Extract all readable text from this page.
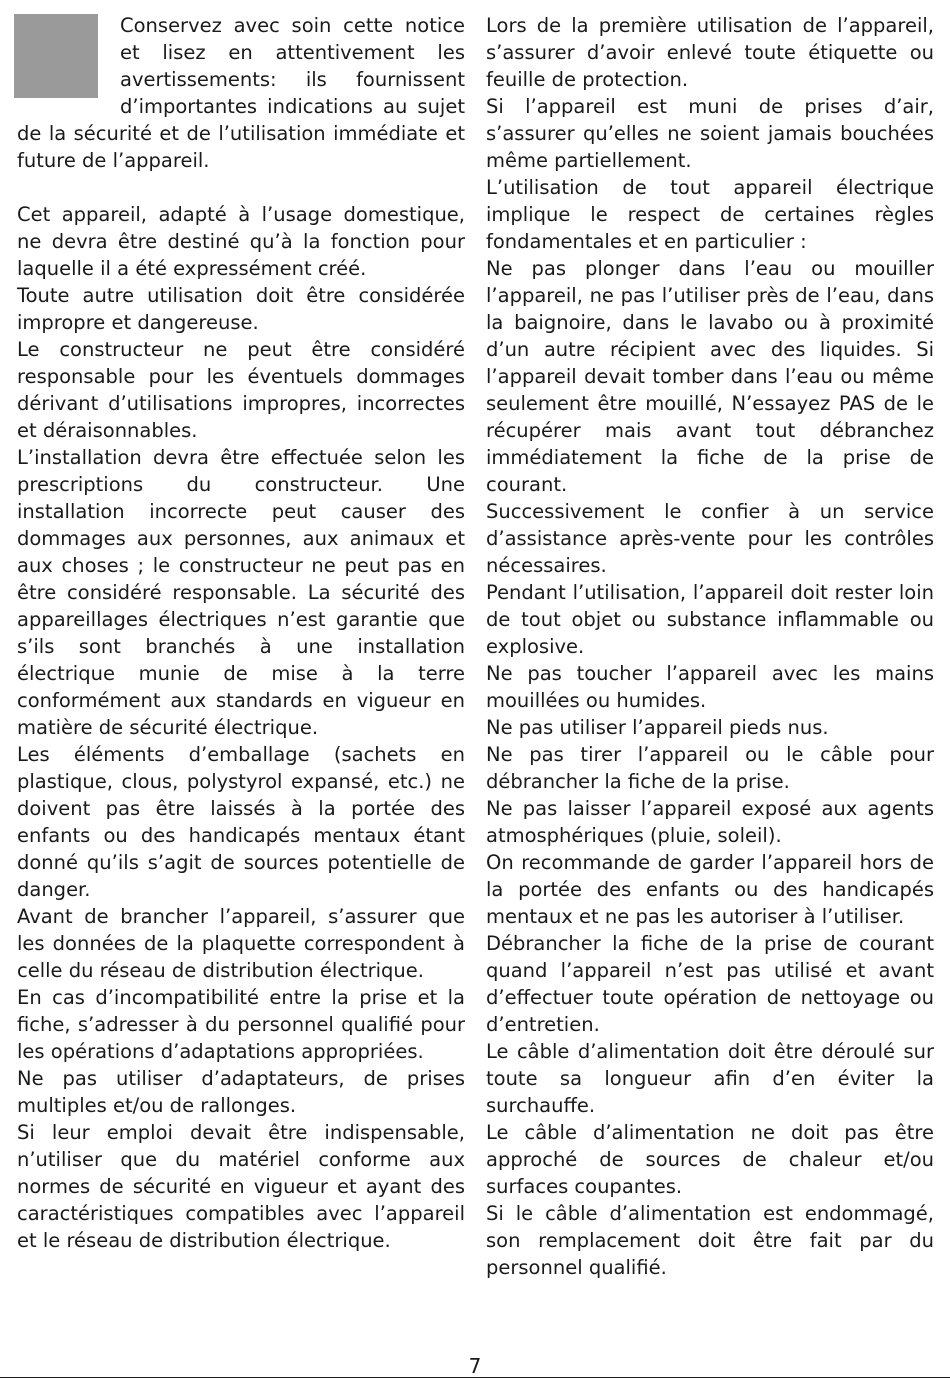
Conservez avec soin cette notice et lisez en attentivement les avertissements: ils fournissent d’importantes indications au sujet de la sécurité et de l’utilisation immédiate et future de l’appareil.

Cet appareil, adapté à l’usage domestique, ne devra être destiné qu’à la fonction pour laquelle il a été expressément créé.

Toute autre utilisation doit être considérée impropre et dangereuse.

Le constructeur ne peut être considéré responsable pour les éventuels dommages dérivant d’utilisations impropres, incorrectes et déraisonnables.

L’installation devra être effectuée selon les prescriptions du constructeur. Une installation incorrecte peut causer des dommages aux personnes, aux animaux et aux choses ; le constructeur ne peut pas en être considéré responsable. La sécurité des appareillages électriques n’est garantie que s’ils sont branchés à une installation électrique munie de mise à la terre conformément aux standards en vigueur en matière de sécurité électrique.

Les éléments d’emballage (sachets en plastique, clous, polystyrol expansé, etc.) ne doivent pas être laissés à la portée des enfants ou des handicapés mentaux étant donné qu’ils s’agit de sources potentielle de danger.

Avant de brancher l’appareil, s’assurer que les données de la plaquette correspondent à celle du réseau de distribution électrique.

En cas d’incompatibilité entre la prise et la fiche, s’adresser à du personnel qualifié pour les opérations d’adaptations appropriées.

Ne pas utiliser d’adaptateurs, de prises multiples et/ou de rallonges.

Si leur emploi devait être indispensable, n’utiliser que du matériel conforme aux normes de sécurité en vigueur et ayant des caractéristiques compatibles avec l’appareil et le réseau de distribution électrique.

Lors de la première utilisation de l’appareil, s’assurer d’avoir enlevé toute étiquette ou feuille de protection.

Si l’appareil est muni de prises d’air, s’assurer qu’elles ne soient jamais bouchées même partiellement.

L’utilisation de tout appareil électrique implique le respect de certaines règles fondamentales et en particulier :

Ne pas plonger dans l’eau ou mouiller l’appareil, ne pas l’utiliser près de l’eau, dans la baignoire, dans le lavabo ou à proximité d’un autre récipient avec des liquides. Si l’appareil devait tomber dans l’eau ou même seulement être mouillé, N’essayez PAS de le récupérer mais avant tout débranchez immédiatement la fiche de la prise de courant.

Successivement le confier à un service d’assistance après-vente pour les contrôles nécessaires.

Pendant l’utilisation, l’appareil doit rester loin de tout objet ou substance inflammable ou explosive.

Ne pas toucher l’appareil avec les mains mouillées ou humides.

Ne pas utiliser l’appareil pieds nus.

Ne pas tirer l’appareil ou le câble pour débrancher la fiche de la prise.

Ne pas laisser l’appareil exposé aux agents atmosphériques (pluie, soleil).

On recommande de garder l’appareil hors de la portée des enfants ou des handicapés mentaux et ne pas les autoriser à l’utiliser.

Débrancher la fiche de la prise de courant quand l’appareil n’est pas utilisé et avant d’effectuer toute opération de nettoyage ou d’entretien.

Le câble d’alimentation doit être déroulé sur toute sa longueur afin d’en éviter la surchauffe.

Le câble d’alimentation ne doit pas être approché de sources de chaleur et/ou surfaces coupantes.

Si le câble d’alimentation est endommagé, son remplacement doit être fait par du personnel qualifié.

7
